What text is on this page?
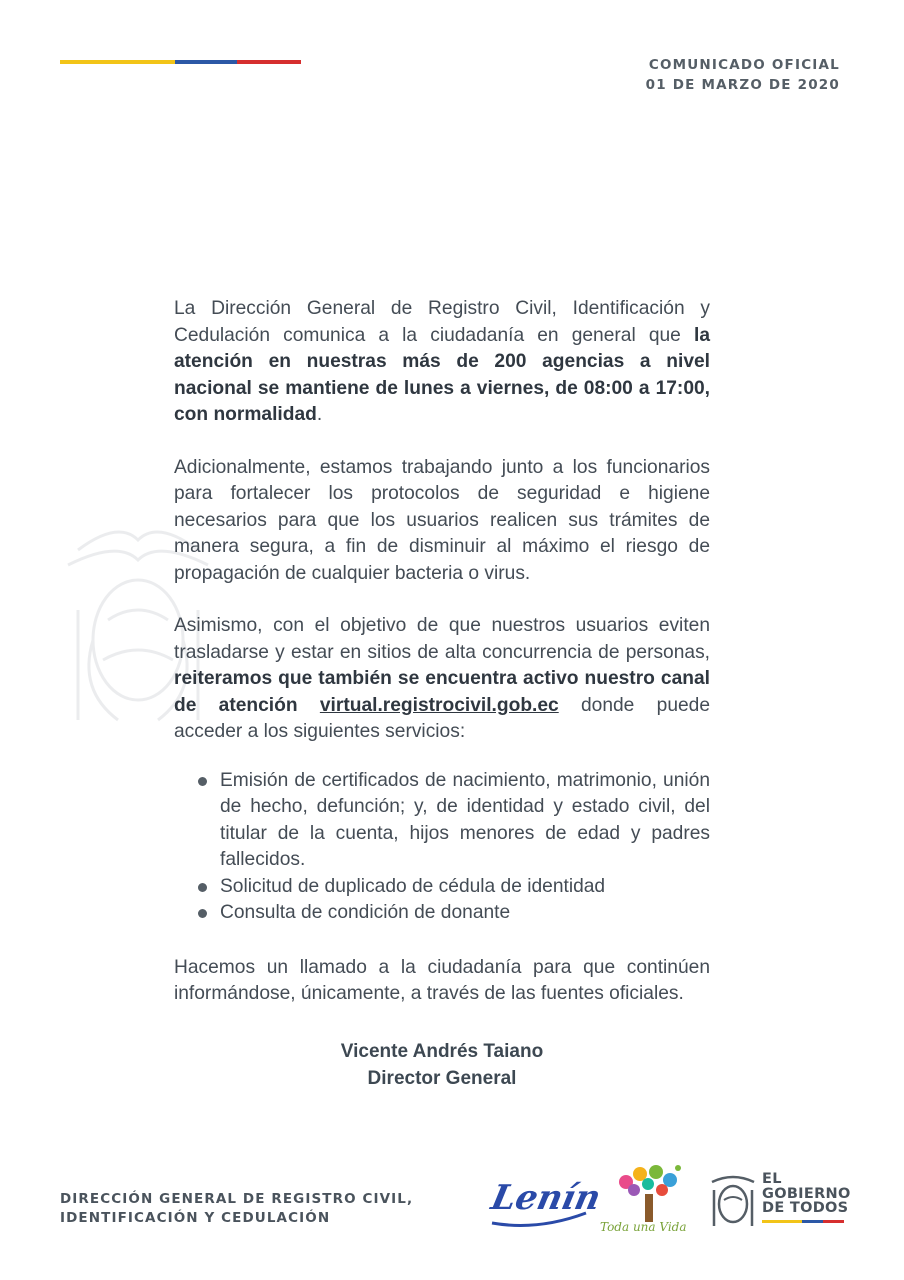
COMUNICADO OFICIAL
01 DE MARZO DE 2020

La Dirección General de Registro Civil, Identificación y Cedulación comunica a la ciudadanía en general que la atención en nuestras más de 200 agencias a nivel nacional se mantiene de lunes a viernes, de 08:00 a 17:00, con normalidad.

Adicionalmente, estamos trabajando junto a los funcionarios para fortalecer los protocolos de seguridad e higiene necesarios para que los usuarios realicen sus trámites de manera segura, a fin de disminuir al máximo el riesgo de propagación de cualquier bacteria o virus.

Asimismo, con el objetivo de que nuestros usuarios eviten trasladarse y estar en sitios de alta concurrencia de personas, reiteramos que también se encuentra activo nuestro canal de atención virtual.registrocivil.gob.ec donde puede acceder a los siguientes servicios:

Emisión de certificados de nacimiento, matrimonio, unión de hecho, defunción; y, de identidad y estado civil, del titular de la cuenta, hijos menores de edad y padres fallecidos.
Solicitud de duplicado de cédula de identidad
Consulta de condición de donante

Hacemos un llamado a la ciudadanía para que continúen informándose, únicamente, a través de las fuentes oficiales.

Vicente Andrés Taiano
Director General
DIRECCIÓN GENERAL DE REGISTRO CIVIL,
IDENTIFICACIÓN Y CEDULACIÓN	Lenín
Toda una Vida
EL
GOBIERNO
DE TODOS
